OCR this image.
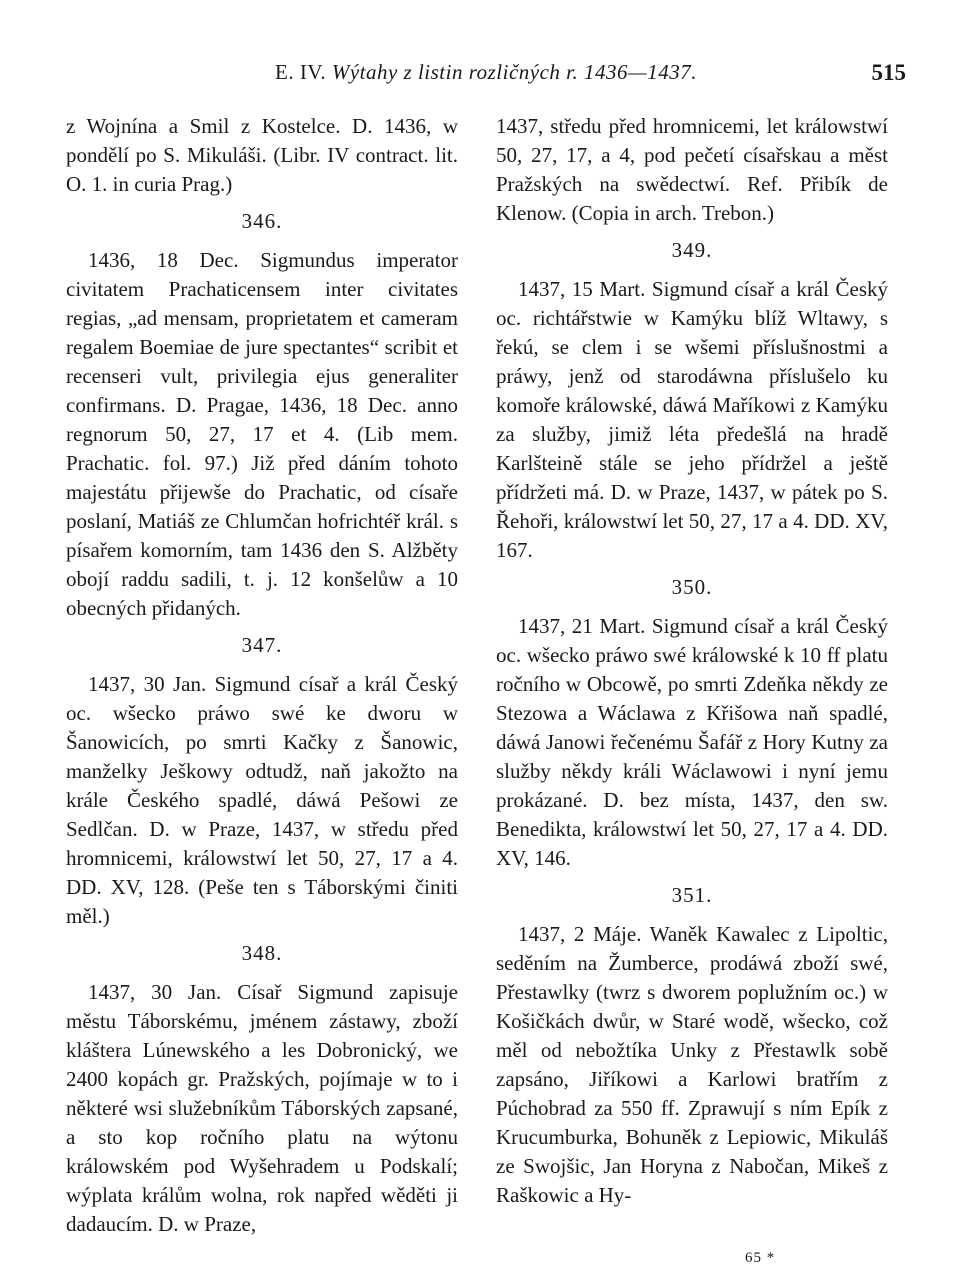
E. IV. Wýtahy z listin rozličných r. 1436—1437.	515

z Wojnína a Smil z Kostelce. D. 1436, w pondělí po S. Mikuláši. (Libr. IV contract. lit. O. 1. in curia Prag.)

346.

1436, 18 Dec. Sigmundus imperator civitatem Prachaticensem inter civitates regias, „ad mensam, proprietatem et cameram regalem Boemiae de jure spectantes“ scribit et recenseri vult, privilegia ejus generaliter confirmans. D. Pragae, 1436, 18 Dec. anno regnorum 50, 27, 17 et 4. (Lib mem. Prachatic. fol. 97.) Již před dáním tohoto majestátu přijewše do Prachatic, od císaře poslaní, Matiáš ze Chlumčan hofrichtéř král. s písařem komorním, tam 1436 den S. Alžběty obojí raddu sadili, t. j. 12 konšelůw a 10 obecných přidaných.

347.

1437, 30 Jan. Sigmund císař a král Český oc. wšecko práwo swé ke dworu w Šanowicích, po smrti Kačky z Šanowic, manželky Ješkowy odtudž, naň jakožto na krále Českého spadlé, dáwá Pešowi ze Sedlčan. D. w Praze, 1437, w středu před hromnicemi, králowstwí let 50, 27, 17 a 4. DD. XV, 128. (Peše ten s Táborskými činiti měl.)

348.

1437, 30 Jan. Císař Sigmund zapisuje městu Táborskému, jménem zástawy, zboží kláštera Lúnewského a les Dobronický, we 2400 kopách gr. Pražských, pojímaje w to i některé wsi služebníkům Táborských zapsané, a sto kop ročního platu na wýtonu králowském pod Wyšehradem u Podskalí; wýplata králům wolna, rok napřed wěděti ji dadaucím. D. w Praze,

1437, středu před hromnicemi, let králowstwí 50, 27, 17, a 4, pod pečetí císařskau a měst Pražských na swědectwí. Ref. Přibík de Klenow. (Copia in arch. Trebon.)

349.

1437, 15 Mart. Sigmund císař a král Český oc. richtářstwie w Kamýku blíž Wltawy, s řekú, se clem i se wšemi příslušnostmi a práwy, jenž od starodáwna příslušelo ku komoře králowské, dáwá Maříkowi z Kamýku za služby, jimiž léta předešlá na hradě Karlšteině stále se jeho přídržel a ještě přídržeti má. D. w Praze, 1437, w pátek po S. Řehoři, králowstwí let 50, 27, 17 a 4. DD. XV, 167.

350.

1437, 21 Mart. Sigmund císař a král Český oc. wšecko práwo swé králowské k 10 ff platu ročního w Obcowě, po smrti Zdeňka někdy ze Stezowa a Wáclawa z Křišowa naň spadlé, dáwá Janowi řečenému Šafář z Hory Kutny za služby někdy králi Wáclawowi i nyní jemu prokázané. D. bez místa, 1437, den sw. Benedikta, králowstwí let 50, 27, 17 a 4. DD. XV, 146.

351.

1437, 2 Máje. Waněk Kawalec z Lipoltic, seděním na Žumberce, prodáwá zboží swé, Přestawlky (twrz s dworem poplužním oc.) w Košičkách dwůr, w Staré wodě, wšecko, což měl od nebožtíka Unky z Přestawlk sobě zapsáno, Jiříkowi a Karlowi bratřím z Púchobrad za 550 ff. Zprawují s ním Epík z Krucumburka, Bohuněk z Lepiowic, Mikuláš ze Swojšic, Jan Horyna z Nabočan, Mikeš z Raškowic a Hy-

65 *
